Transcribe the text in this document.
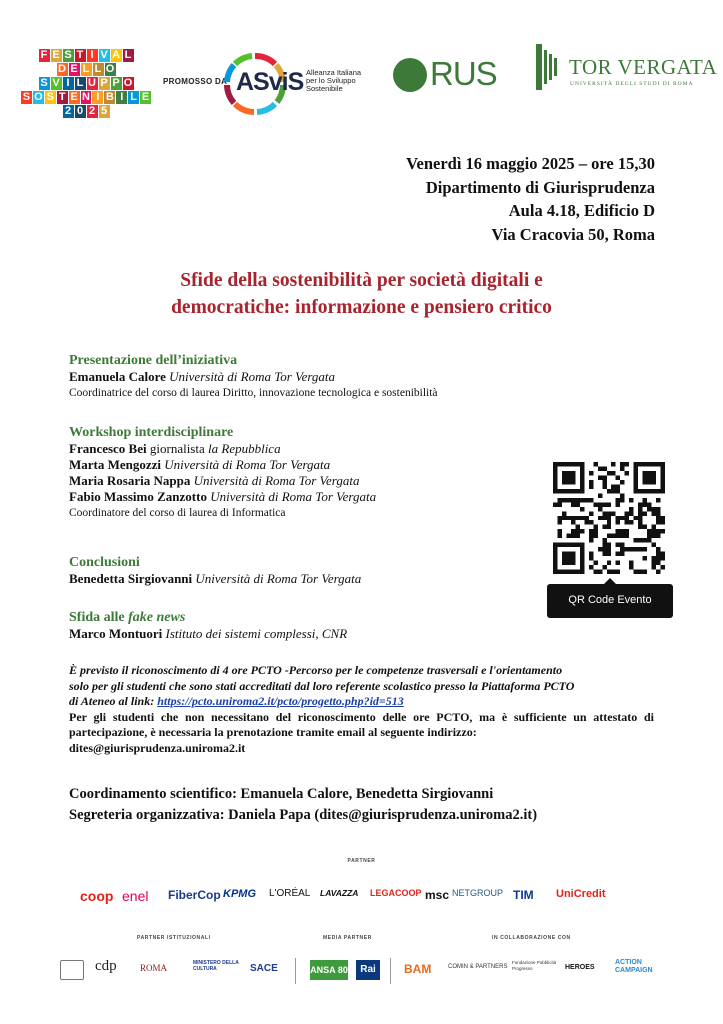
F E S T I V A L
D E L L O
S V I L U P P O
S O S T E N I B I L E
2 0 2 5
PROMOSSO DA ASviS Alleanza Italiana per lo Sviluppo Sostenibile	RUS	TOR VERGATA
UNIVERSITÀ DEGLI STUDI DI ROMA
Venerdì 16 maggio 2025 – ore 15,30
Dipartimento di Giurisprudenza
Aula 4.18, Edificio D
Via Cracovia 50, Roma
Sfide della sostenibilità per società digitali e
democratiche: informazione e pensiero critico
Presentazione dell’iniziativa
Emanuela Calore Università di Roma Tor Vergata
Coordinatrice del corso di laurea Diritto, innovazione tecnologica e sostenibilità
Workshop interdisciplinare
Francesco Bei giornalista la Repubblica
Marta Mengozzi Università di Roma Tor Vergata
Maria Rosaria Nappa Università di Roma Tor Vergata
Fabio Massimo Zanzotto Università di Roma Tor Vergata
Coordinatore del corso di laurea di Informatica
Conclusioni
Benedetta Sirgiovanni Università di Roma Tor Vergata
Sfida alle fake news
Marco Montuori Istituto dei sistemi complessi, CNR
QR Code Evento
È previsto il riconoscimento di 4 ore PCTO -Percorso per le competenze trasversali e l'orientamento
solo per gli studenti che sono stati accreditati dal loro referente scolastico presso la Piattaforma PCTO
di Ateneo al link: https://pcto.uniroma2.it/pcto/progetto.php?id=513
Per gli studenti che non necessitano del riconoscimento delle ore PCTO, ma è sufficiente un attestato di partecipazione, è necessaria la prenotazione tramite email al seguente indirizzo:
dites@giurisprudenza.uniroma2.it
Coordinamento scientifico: Emanuela Calore, Benedetta Sirgiovanni
Segreteria organizzativa: Daniela Papa (dites@giurisprudenza.uniroma2.it)
PARTNER
coop enel FiberCop KPMG L'ORÉAL LAVAZZA LEGACOOP msc NETGROUP TIM UniCredit
PARTNER ISTITUZIONALI	MEDIA PARTNER	IN COLLABORAZIONE CON
cdp	ROMA	MINISTERO DELLA CULTURA	SACE	ANSA 80	Rai	BAM	COMIN & PARTNERS
Fondazione Pubblicità Progresso	HEROES
ACTION CAMPAIGN
